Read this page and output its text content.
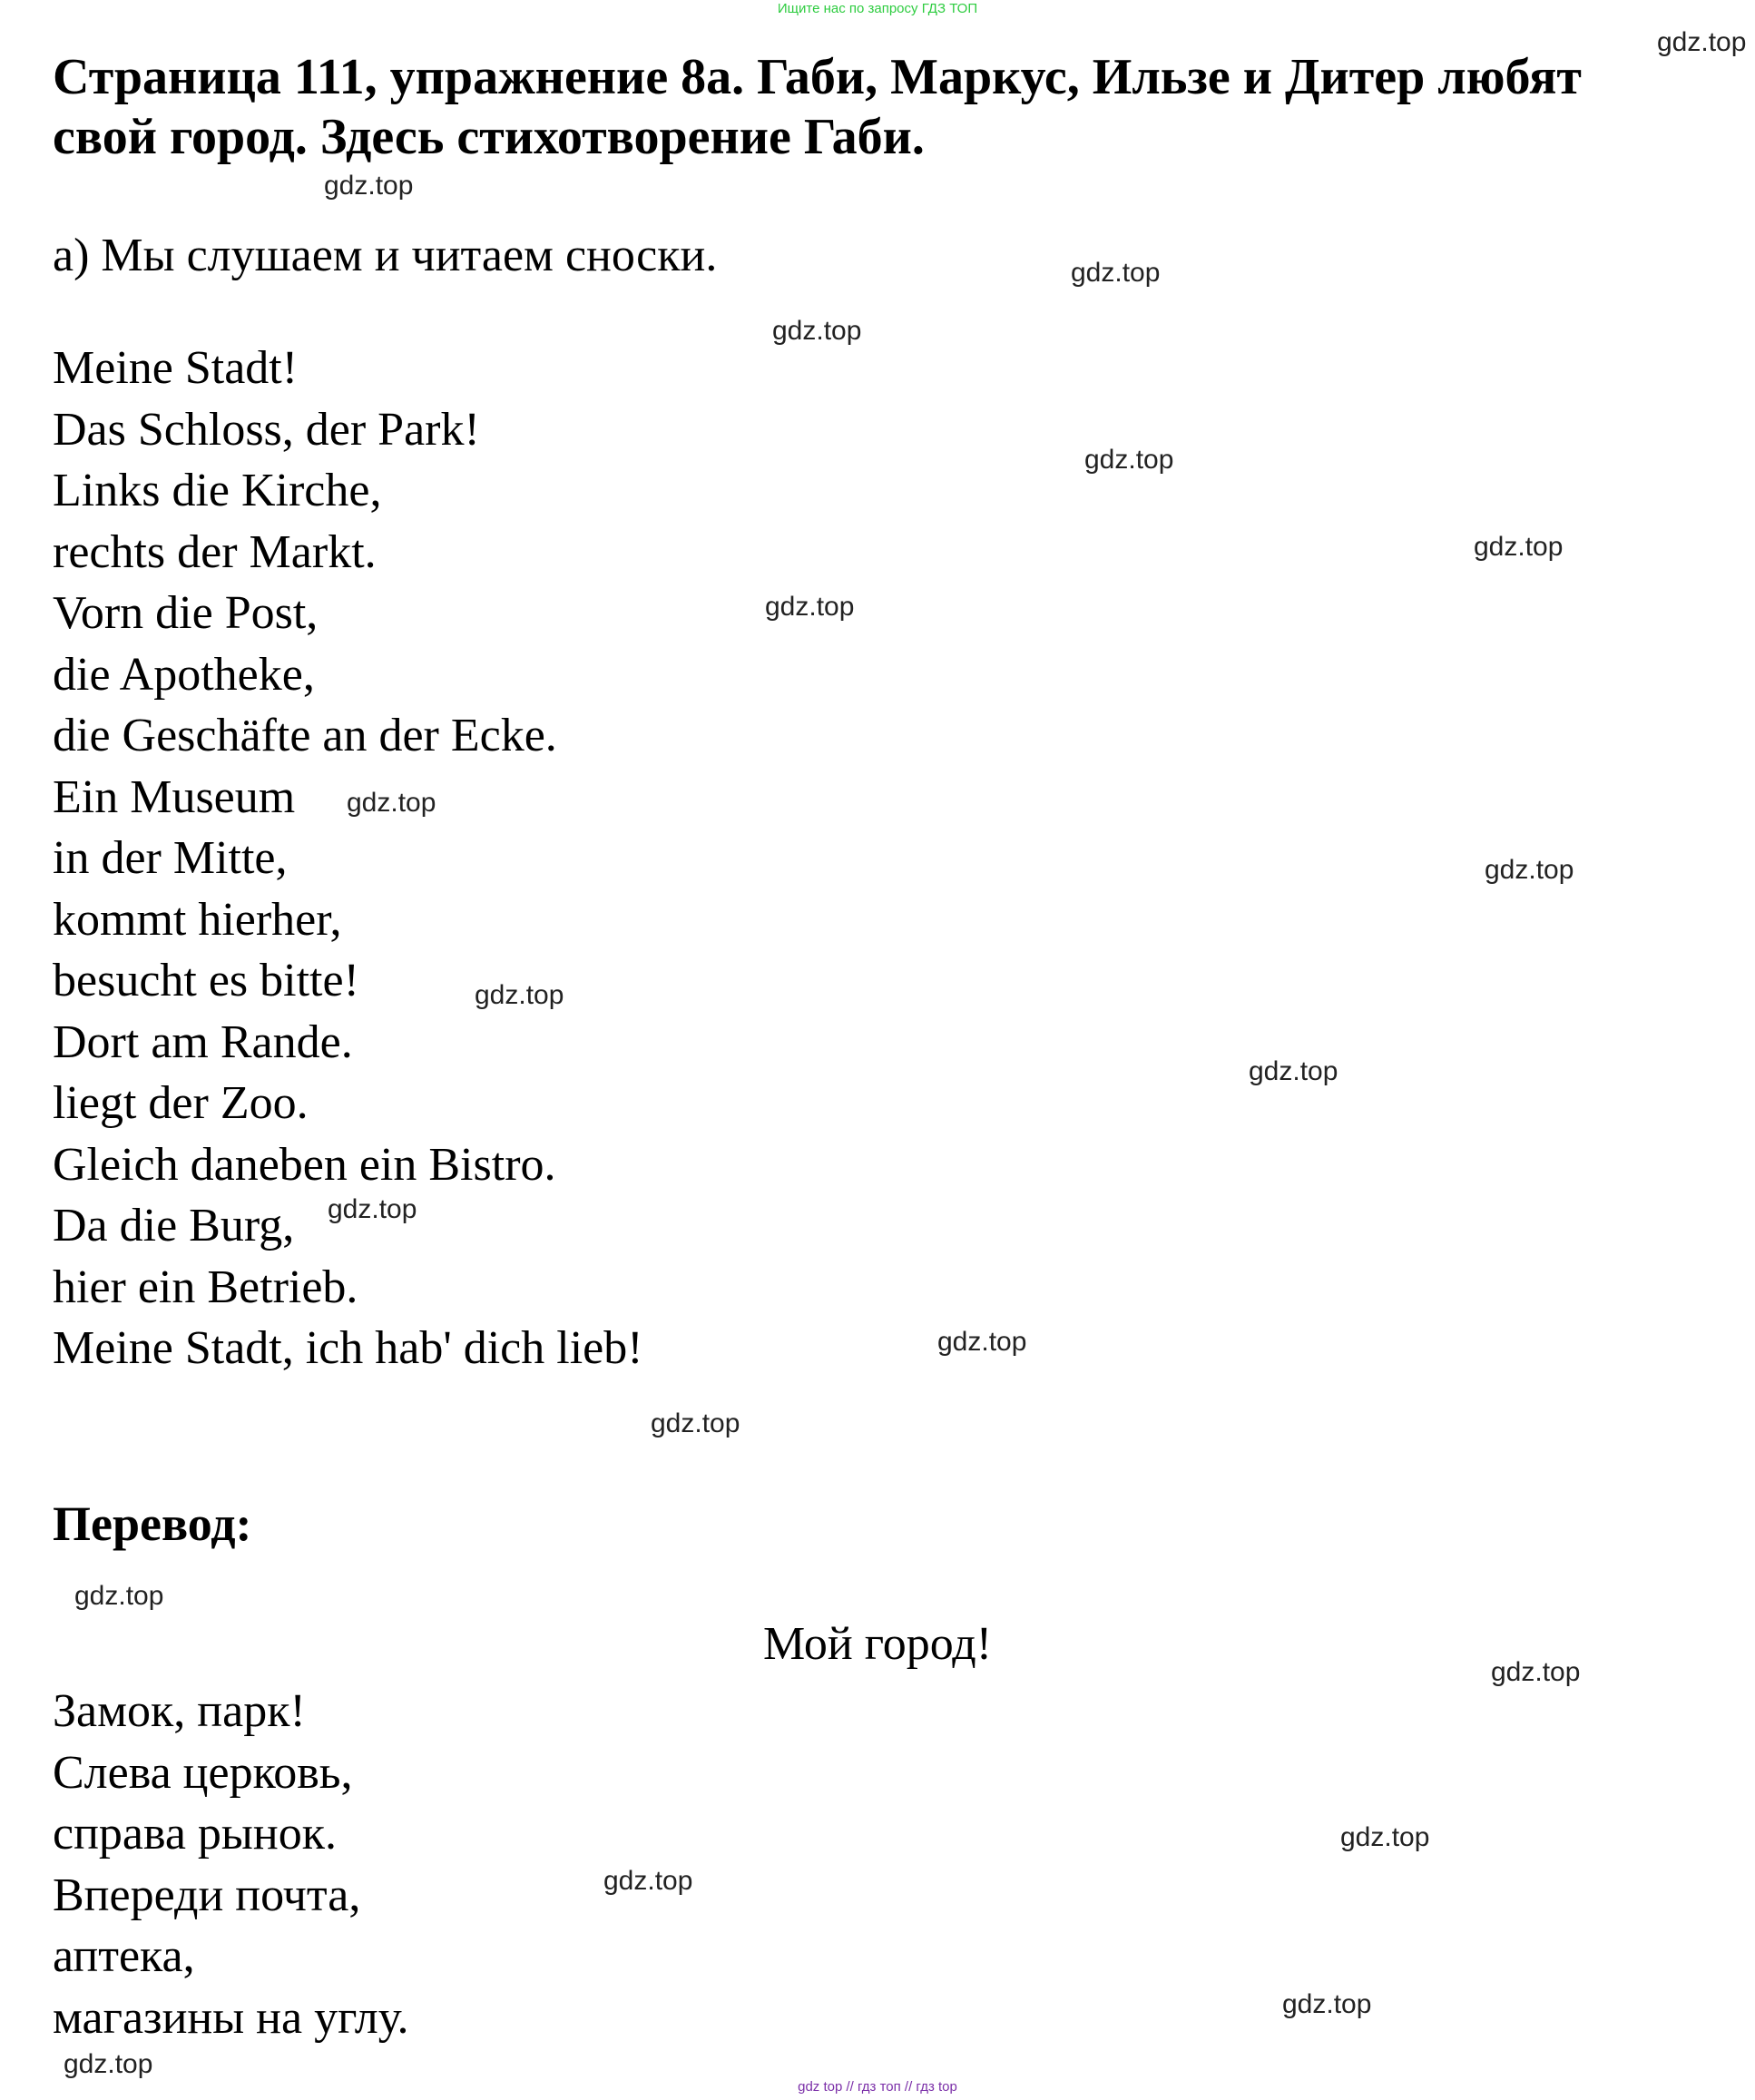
Ищите нас по запросу ГДЗ ТОП
Страница 111, упражнение 8a. Габи, Маркус, Ильзе и Дитер любят свой город. Здесь стихотворение Габи.
a) Мы слушаем и читаем сноски.
Meine Stadt!
Das Schloss, der Park!
Links die Kirche,
rechts der Markt.
Vorn die Post,
die Apotheke,
die Geschäfte an der Ecke.
Ein Museum
in der Mitte,
kommt hierher,
besucht es bitte!
Dort am Rande.
liegt der Zoo.
Gleich daneben ein Bistro.
Da die Burg,
hier ein Betrieb.
Meine Stadt, ich hab' dich lieb!
Перевод:
Мой город!
Замок, парк!
Слева церковь,
справа рынок.
Впереди почта,
аптека,
магазины на углу.
gdz.top
gdz.top
gdz.top
gdz.top
gdz.top
gdz.top
gdz.top
gdz.top
gdz.top
gdz.top
gdz.top
gdz.top
gdz.top
gdz.top
gdz.top
gdz.top
gdz.top
gdz.top
gdz.top
gdz.top
gdz top // гдз топ // гдз top
